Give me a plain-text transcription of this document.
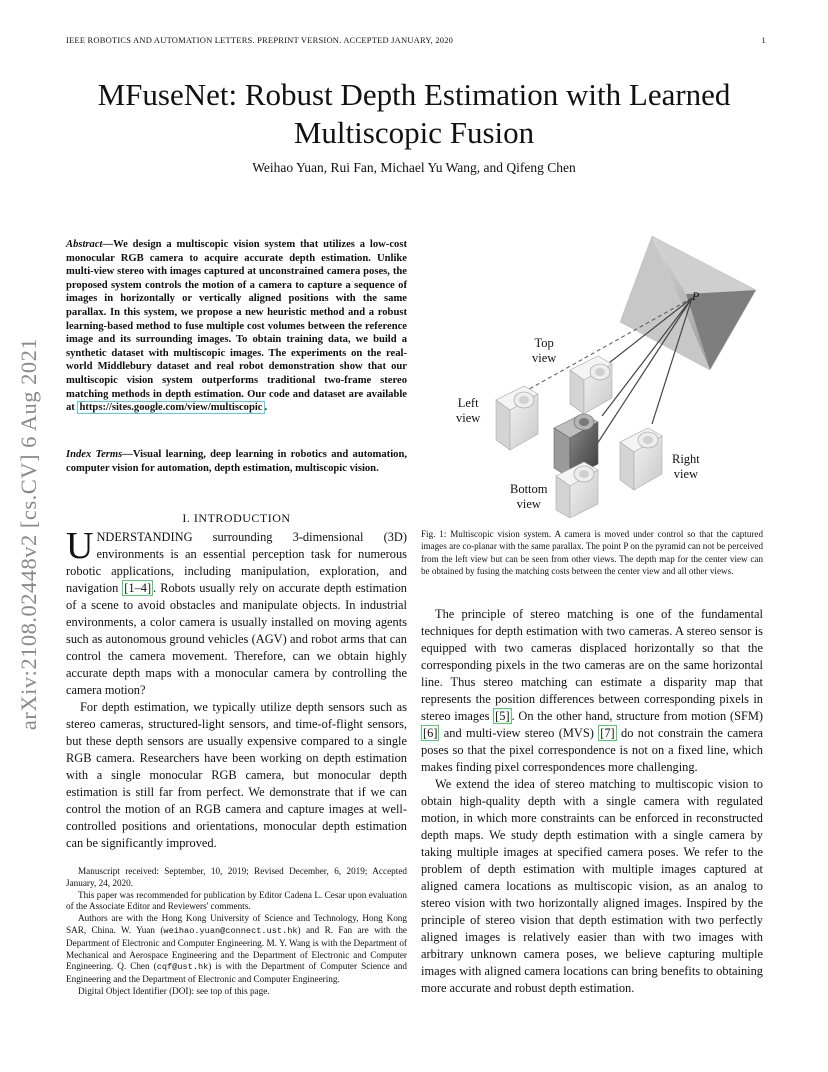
IEEE ROBOTICS AND AUTOMATION LETTERS. PREPRINT VERSION. ACCEPTED JANUARY, 2020	1
MFuseNet: Robust Depth Estimation with Learned
Multiscopic Fusion
Weihao Yuan, Rui Fan, Michael Yu Wang, and Qifeng Chen
arXiv:2108.02448v2 [cs.CV] 6 Aug 2021
Abstract—We design a multiscopic vision system that utilizes a low-cost monocular RGB camera to acquire accurate depth estimation. Unlike multi-view stereo with images captured at unconstrained camera poses, the proposed system controls the motion of a camera to capture a sequence of images in horizontally or vertically aligned positions with the same parallax. In this system, we propose a new heuristic method and a robust learning-based method to fuse multiple cost volumes between the reference image and its surrounding images. To obtain training data, we build a synthetic dataset with multiscopic images. The experiments on the real-world Middlebury dataset and real robot demonstration show that our multiscopic vision system outperforms traditional two-frame stereo matching methods in depth estimation. Our code and dataset are available at https://sites.google.com/view/multiscopic .
Index Terms—Visual learning, deep learning in robotics and automation, computer vision for automation, depth estimation, multiscopic vision.
I. INTRODUCTION

UNDERSTANDING surrounding 3-dimensional (3D) environments is an essential perception task for numerous robotic applications, including manipulation, exploration, and navigation [1–4] . Robots usually rely on accurate depth estimation of a scene to avoid obstacles and manipulate objects. In industrial environments, a color camera is usually installed on moving agents such as autonomous ground vehicles (AGV) and robot arms that can control the camera movement. Therefore, can we obtain highly accurate depth maps with a monocular camera by controlling the camera motion?

For depth estimation, we typically utilize depth sensors such as stereo cameras, structured-light sensors, and time-of-flight sensors, but these depth sensors are usually expensive compared to a single RGB camera. Researchers have been working on depth estimation with a single monocular RGB camera, but monocular depth estimation is still far from perfect. We demonstrate that if we can control the motion of an RGB camera and capture images at well-controlled positions and orientations, monocular depth estimation can be significantly improved.

Manuscript received: September, 10, 2019; Revised December, 6, 2019; Accepted January, 24, 2020.

This paper was recommended for publication by Editor Cadena L. Cesar upon evaluation of the Associate Editor and Reviewers' comments.

Authors are with the Hong Kong University of Science and Technology, Hong Kong SAR, China. W. Yuan (weihao.yuan@connect.ust.hk) and R. Fan are with the Department of Electronic and Computer Engineering. M. Y. Wang is with the Department of Mechanical and Aerospace Engineering and the Department of Electronic and Computer Engineering. Q. Chen (cqf@ust.hk) is with the Department of Computer Science and Engineering and the Department of Electronic and Computer Engineering.

Digital Object Identifier (DOI): see top of this page.

P
Top
view
Left
view
Right
view
Bottom
view
Fig. 1: Multiscopic vision system. A camera is moved under control so that the captured images are co-planar with the same parallax. The point P on the pyramid can not be perceived from the left view but can be seen from other views. The depth map for the center view can be obtained by fusing the matching costs between the center view and all other views.

The principle of stereo matching is one of the fundamental techniques for depth estimation with two cameras. A stereo sensor is equipped with two cameras displaced horizontally so that the corresponding pixels in the two cameras are on the same horizontal line. Thus stereo matching can estimate a disparity map that represents the position differences between corresponding pixels in stereo images [5] . On the other hand, structure from motion (SFM) [6] and multi-view stereo (MVS) [7] do not constrain the camera poses so that the pixel correspondence is not on a fixed line, which makes finding pixel correspondences more challenging.

We extend the idea of stereo matching to multiscopic vision to obtain high-quality depth with a single camera with regulated motion, in which more constraints can be enforced in reconstructed depth maps. We study depth estimation with a single camera by taking multiple images at specified camera poses. We refer to the problem of depth estimation with multiple images captured at aligned camera locations as multiscopic vision, as an analog to stereo vision with two horizontally aligned images. Inspired by the principle of stereo vision that depth estimation with two perfectly aligned images is relatively easier than with two images with arbitrary unknown camera poses, we believe capturing multiple images with aligned camera locations can bring benefits to obtaining more accurate and robust depth estimation.
